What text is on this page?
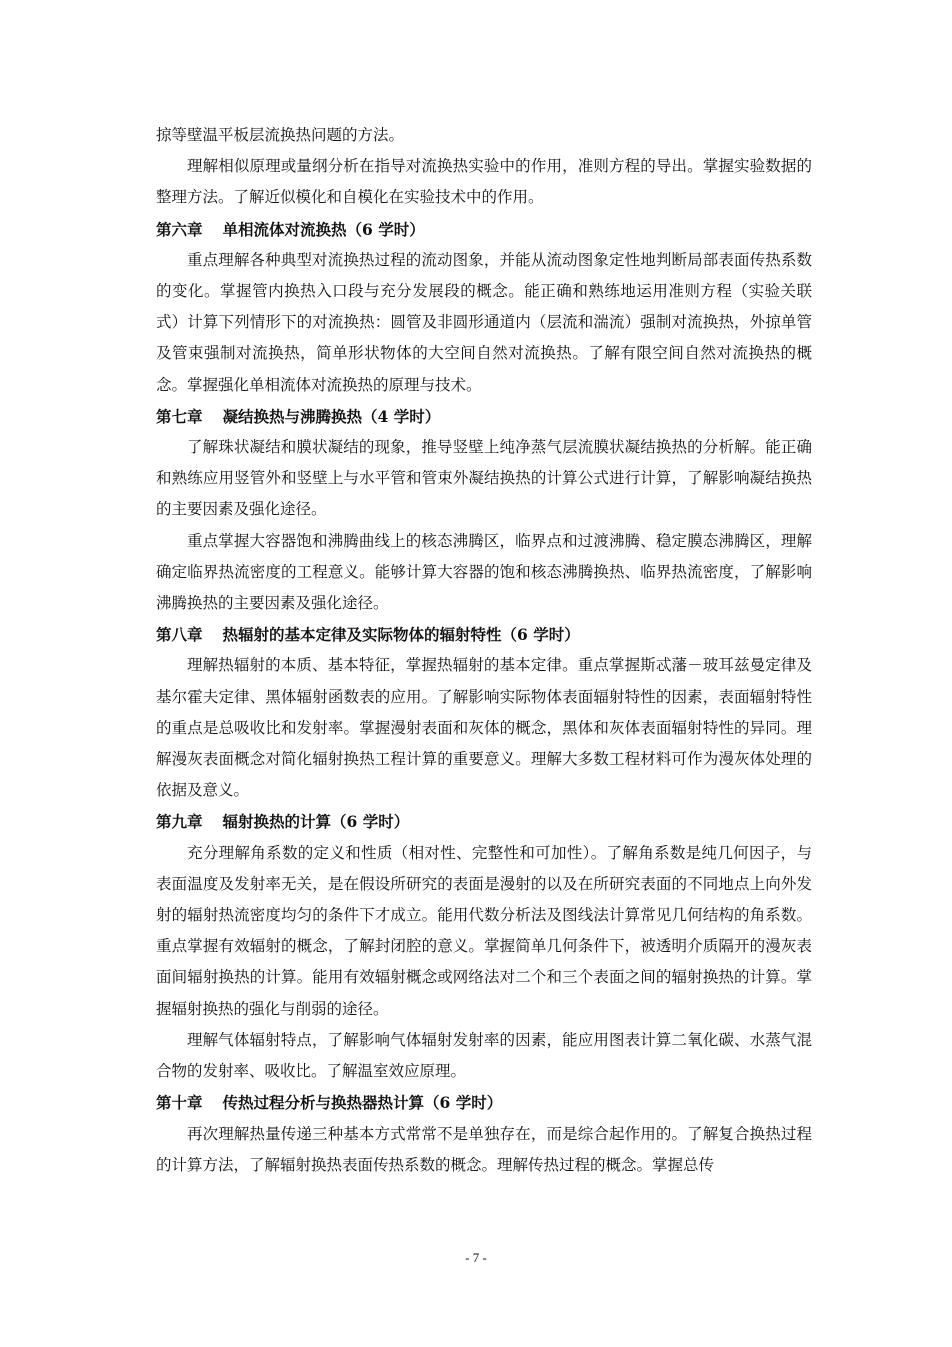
掠等壁温平板层流换热问题的方法。

理解相似原理或量纲分析在指导对流换热实验中的作用，准则方程的导出。掌握实验数据的整理方法。了解近似模化和自模化在实验技术中的作用。

第六章 单相流体对流换热（6 学时）

重点理解各种典型对流换热过程的流动图象，并能从流动图象定性地判断局部表面传热系数的变化。掌握管内换热入口段与充分发展段的概念。能正确和熟练地运用准则方程（实验关联式）计算下列情形下的对流换热：圆管及非圆形通道内（层流和湍流）强制对流换热，外掠单管及管束强制对流换热，简单形状物体的大空间自然对流换热。了解有限空间自然对流换热的概念。掌握强化单相流体对流换热的原理与技术。

第七章 凝结换热与沸腾换热（4 学时）

了解珠状凝结和膜状凝结的现象，推导竖壁上纯净蒸气层流膜状凝结换热的分析解。能正确和熟练应用竖管外和竖壁上与水平管和管束外凝结换热的计算公式进行计算，了解影响凝结换热的主要因素及强化途径。

重点掌握大容器饱和沸腾曲线上的核态沸腾区，临界点和过渡沸腾、稳定膜态沸腾区，理解确定临界热流密度的工程意义。能够计算大容器的饱和核态沸腾换热、临界热流密度，了解影响沸腾换热的主要因素及强化途径。

第八章 热辐射的基本定律及实际物体的辐射特性（6 学时）

理解热辐射的本质、基本特征，掌握热辐射的基本定律。重点掌握斯忒藩－玻耳兹曼定律及基尔霍夫定律、黑体辐射函数表的应用。了解影响实际物体表面辐射特性的因素，表面辐射特性的重点是总吸收比和发射率。掌握漫射表面和灰体的概念，黑体和灰体表面辐射特性的异同。理解漫灰表面概念对简化辐射换热工程计算的重要意义。理解大多数工程材料可作为漫灰体处理的依据及意义。

第九章 辐射换热的计算（6 学时）

充分理解角系数的定义和性质（相对性、完整性和可加性）。了解角系数是纯几何因子，与表面温度及发射率无关，是在假设所研究的表面是漫射的以及在所研究表面的不同地点上向外发射的辐射热流密度均匀的条件下才成立。能用代数分析法及图线法计算常见几何结构的角系数。重点掌握有效辐射的概念，了解封闭腔的意义。掌握简单几何条件下，被透明介质隔开的漫灰表面间辐射换热的计算。能用有效辐射概念或网络法对二个和三个表面之间的辐射换热的计算。掌握辐射换热的强化与削弱的途径。

理解气体辐射特点，了解影响气体辐射发射率的因素，能应用图表计算二氧化碳、水蒸气混合物的发射率、吸收比。了解温室效应原理。

第十章 传热过程分析与换热器热计算（6 学时）

再次理解热量传递三种基本方式常常不是单独存在，而是综合起作用的。了解复合换热过程的计算方法，了解辐射换热表面传热系数的概念。理解传热过程的概念。掌握总传

- 7 -
